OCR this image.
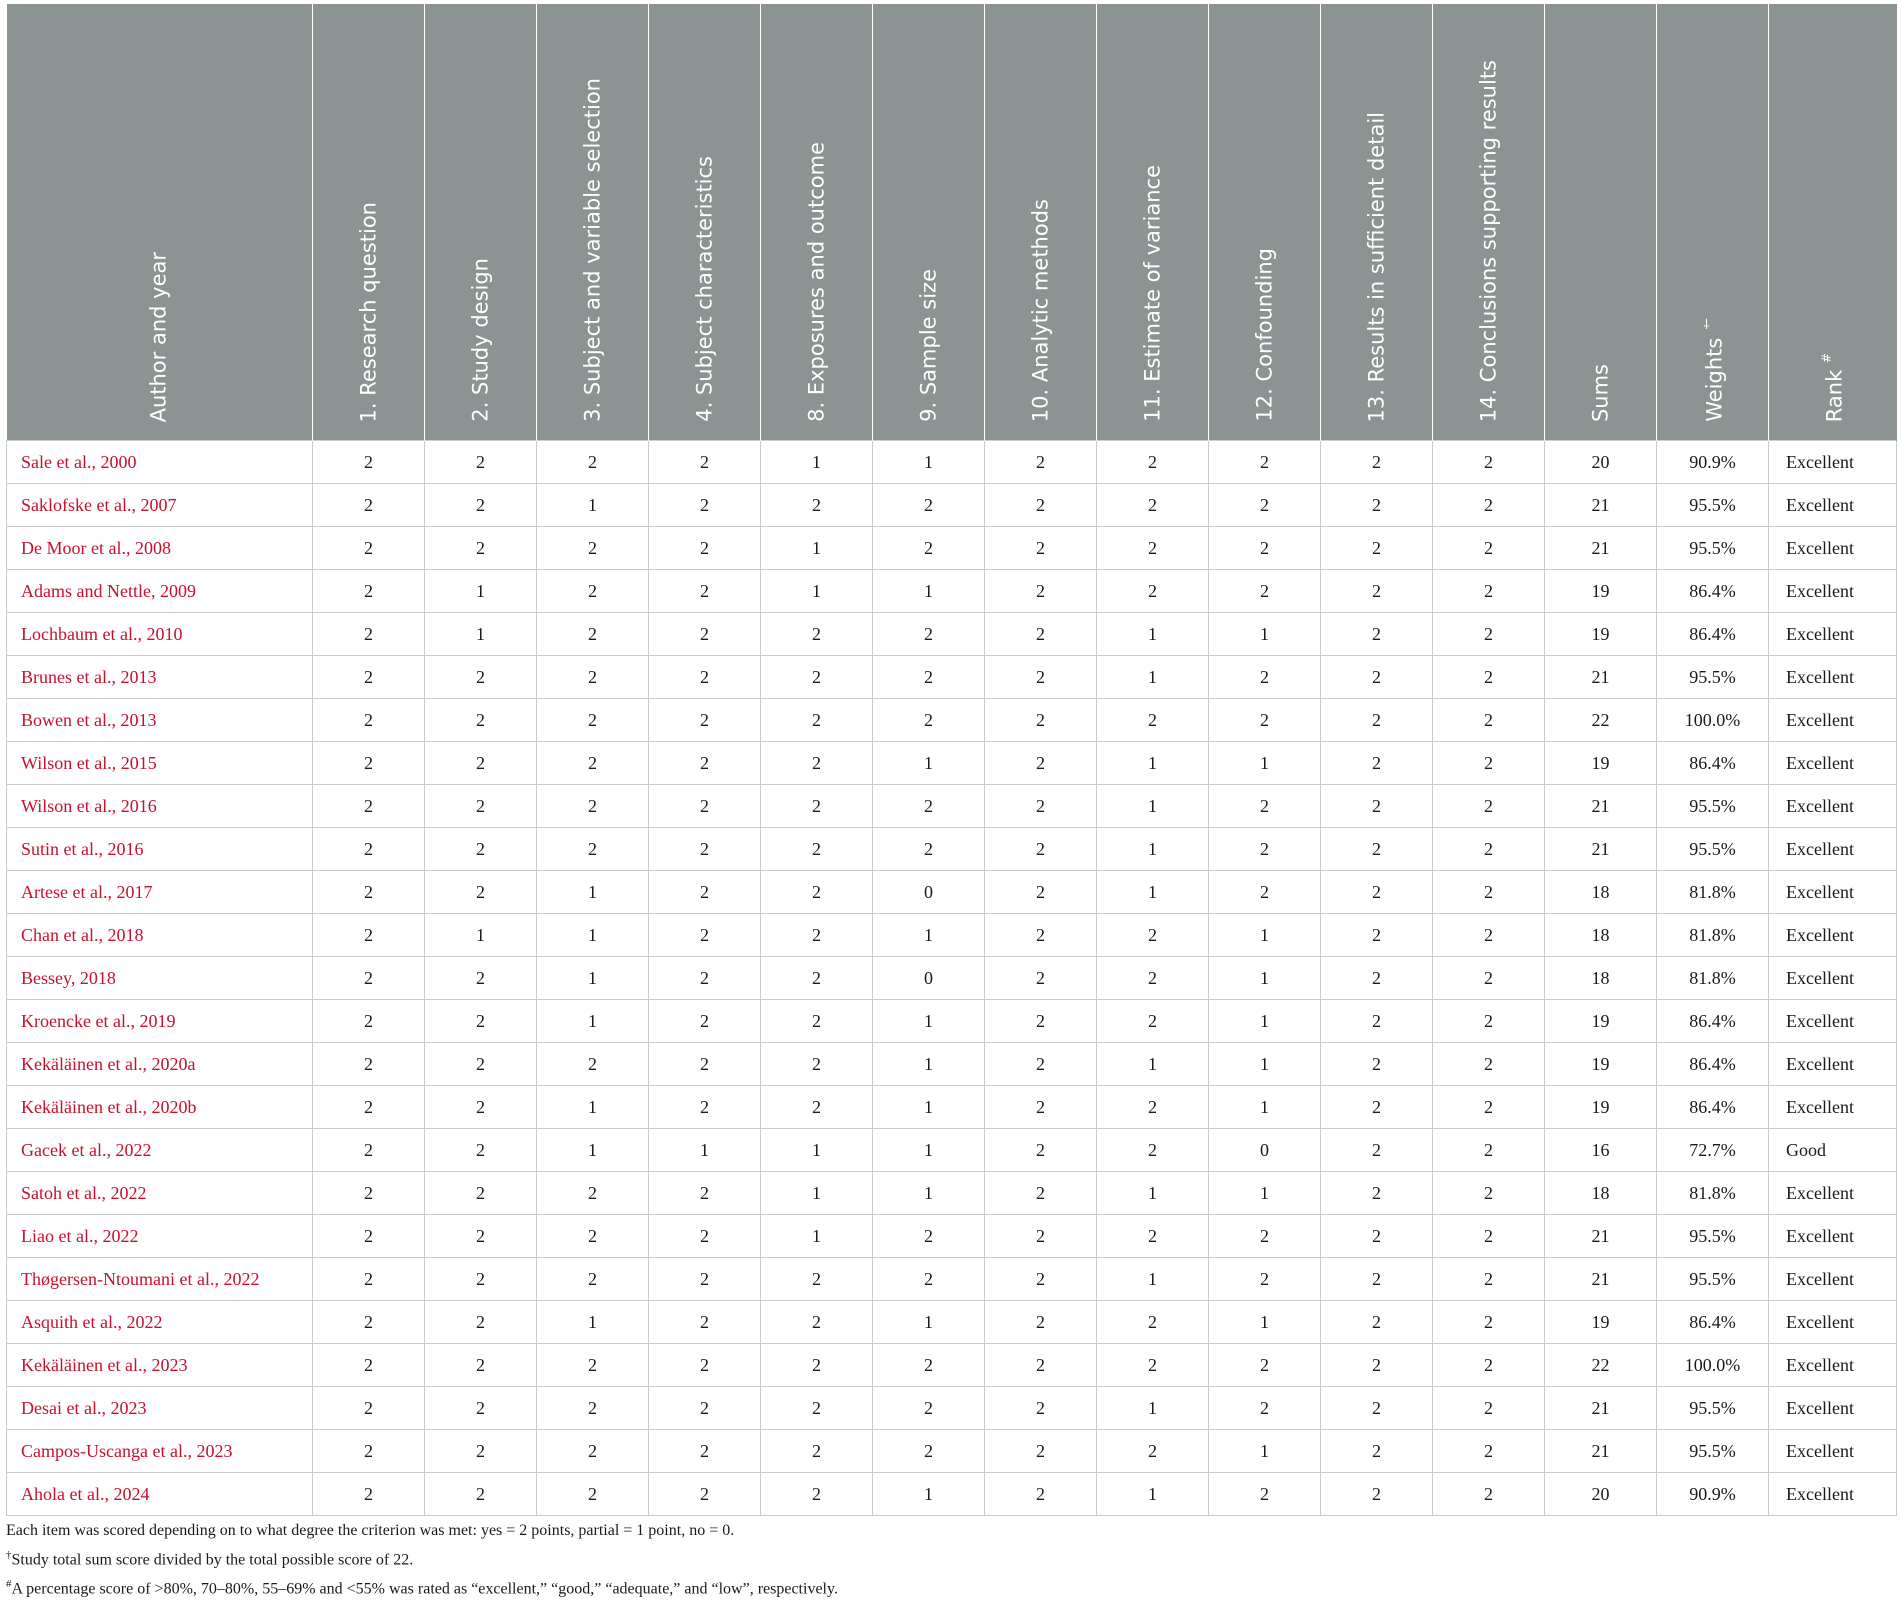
Author and year	1. Research question	2. Study design	3. Subject and variable selection	4. Subject characteristics	8. Exposures and outcome	9. Sample size	10. Analytic methods	11. Estimate of variance	12. Confounding	13. Results in sufficient detail	14. Conclusions supporting results	Sums	Weights †	Rank #

Sale et al., 2000	2	2	2	2	1	1	2	2	2	2	2	20	90.9%	Excellent
Saklofske et al., 2007	2	2	1	2	2	2	2	2	2	2	2	21	95.5%	Excellent
De Moor et al., 2008	2	2	2	2	1	2	2	2	2	2	2	21	95.5%	Excellent
Adams and Nettle, 2009	2	1	2	2	1	1	2	2	2	2	2	19	86.4%	Excellent
Lochbaum et al., 2010	2	1	2	2	2	2	2	1	1	2	2	19	86.4%	Excellent
Brunes et al., 2013	2	2	2	2	2	2	2	1	2	2	2	21	95.5%	Excellent
Bowen et al., 2013	2	2	2	2	2	2	2	2	2	2	2	22	100.0%	Excellent
Wilson et al., 2015	2	2	2	2	2	1	2	1	1	2	2	19	86.4%	Excellent
Wilson et al., 2016	2	2	2	2	2	2	2	1	2	2	2	21	95.5%	Excellent
Sutin et al., 2016	2	2	2	2	2	2	2	1	2	2	2	21	95.5%	Excellent
Artese et al., 2017	2	2	1	2	2	0	2	1	2	2	2	18	81.8%	Excellent
Chan et al., 2018	2	1	1	2	2	1	2	2	1	2	2	18	81.8%	Excellent
Bessey, 2018	2	2	1	2	2	0	2	2	1	2	2	18	81.8%	Excellent
Kroencke et al., 2019	2	2	1	2	2	1	2	2	1	2	2	19	86.4%	Excellent
Kekäläinen et al., 2020a	2	2	2	2	2	1	2	1	1	2	2	19	86.4%	Excellent
Kekäläinen et al., 2020b	2	2	1	2	2	1	2	2	1	2	2	19	86.4%	Excellent
Gacek et al., 2022	2	2	1	1	1	1	2	2	0	2	2	16	72.7%	Good
Satoh et al., 2022	2	2	2	2	1	1	2	1	1	2	2	18	81.8%	Excellent
Liao et al., 2022	2	2	2	2	1	2	2	2	2	2	2	21	95.5%	Excellent
Thøgersen-Ntoumani et al., 2022	2	2	2	2	2	2	2	1	2	2	2	21	95.5%	Excellent
Asquith et al., 2022	2	2	1	2	2	1	2	2	1	2	2	19	86.4%	Excellent
Kekäläinen et al., 2023	2	2	2	2	2	2	2	2	2	2	2	22	100.0%	Excellent
Desai et al., 2023	2	2	2	2	2	2	2	1	2	2	2	21	95.5%	Excellent
Campos-Uscanga et al., 2023	2	2	2	2	2	2	2	2	1	2	2	21	95.5%	Excellent
Ahola et al., 2024	2	2	2	2	2	1	2	1	2	2	2	20	90.9%	Excellent
Each item was scored depending on to what degree the criterion was met: yes = 2 points, partial = 1 point, no = 0.
†Study total sum score divided by the total possible score of 22.
#A percentage score of >80%, 70–80%, 55–69% and <55% was rated as “excellent,” “good,” “adequate,” and “low”, respectively.
